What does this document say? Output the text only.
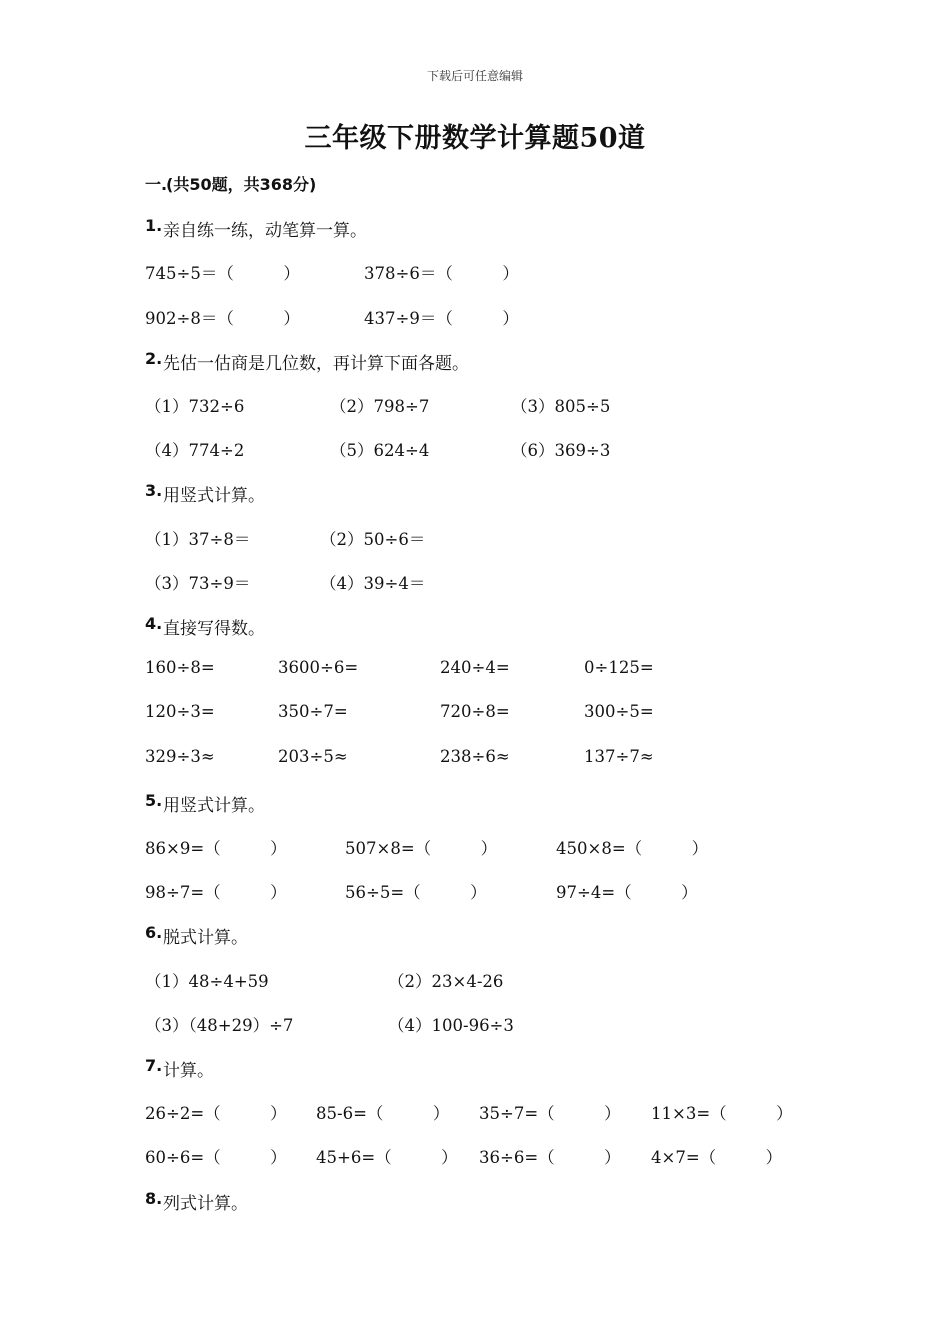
下载后可任意编辑
三年级下册数学计算题50道
一.
(共50题，共368分)
1. 亲自练一练，动笔算一算。
745÷5＝（　　　）	378÷6＝（　　　）
902÷8＝（　　　）	437÷9＝（　　　）
2. 先估一估商是几位数，再计算下面各题。
（1）732÷6	（2）798÷7	（3）805÷5
（4）774÷2	（5）624÷4	（6）369÷3
3. 用竖式计算。
（1）37÷8＝	（2）50÷6＝
（3）73÷9＝	（4）39÷4＝
4. 直接写得数。
160÷8=	3600÷6=	240÷4=	0÷125=
120÷3=	350÷7=	720÷8=	300÷5=
329÷3≈	203÷5≈	238÷6≈	137÷7≈
5. 用竖式计算。
86×9=（　　　）	507×8=（　　　）	450×8=（　　　）
98÷7=（　　　）	56÷5=（　　　）	97÷4=（　　　）
6. 脱式计算。
（1）48÷4+59	（2）23×4-26
（3）（48+29）÷7	（4）100-96÷3
7. 计算。
26÷2=（　　　） 85-6=（　　　） 35÷7=（　　　） 11×3=（　　　）
60÷6=（　　　） 45+6=（　　　） 36÷6=（　　　） 4×7=（　　　）
8. 列式计算。
